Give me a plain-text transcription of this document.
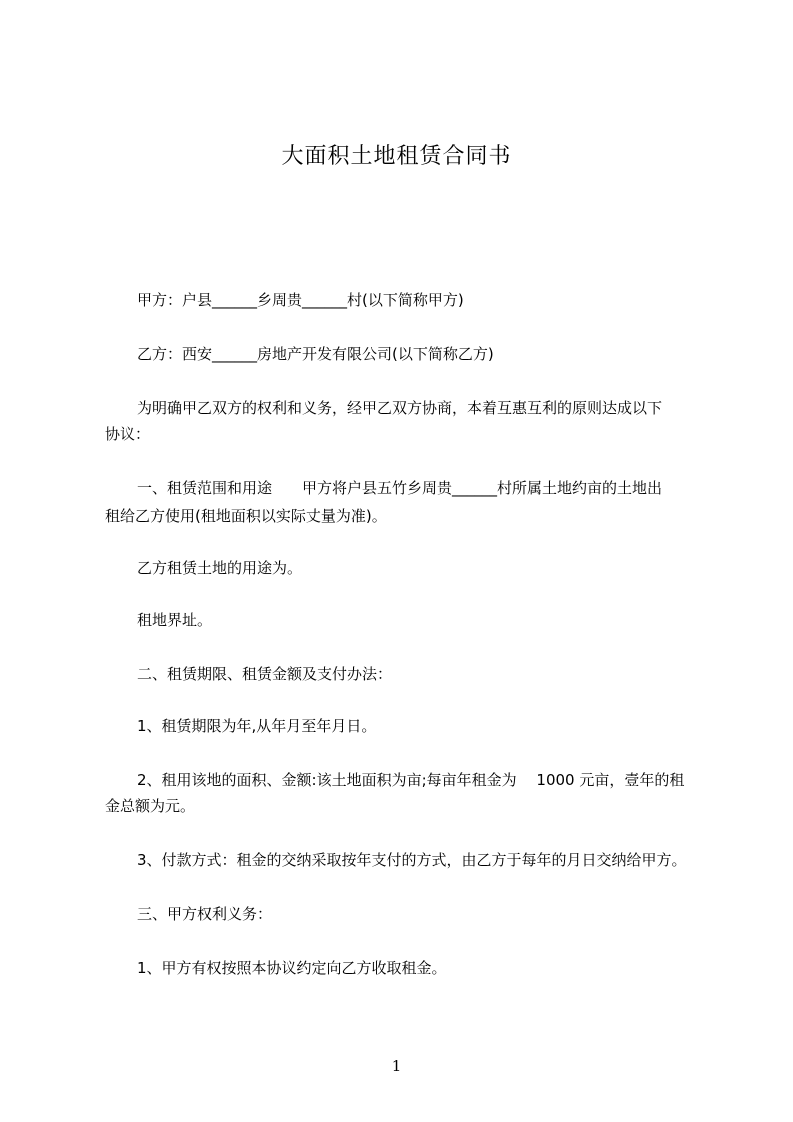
大面积土地租赁合同书
甲方：户县______乡周贵______村(以下简称甲方)
乙方：西安______房地产开发有限公司(以下简称乙方)
为明确甲乙双方的权利和义务，经甲乙双方协商，本着互惠互利的原则达成以下
协议：
一、租赁范围和用途　　甲方将户县五竹乡周贵______村所属土地约亩的土地出
租给乙方使用(租地面积以实际丈量为准)。
乙方租赁土地的用途为。
租地界址。
二、租赁期限、租赁金额及支付办法：
1、租赁期限为年,从年月至年月日。
2、租用该地的面积、金额:该土地面积为亩;每亩年租金为　 1000 元亩，壹年的租
金总额为元。
3、付款方式：租金的交纳采取按年支付的方式，由乙方于每年的月日交纳给甲方。
三、甲方权利义务：
1、甲方有权按照本协议约定向乙方收取租金。
1
